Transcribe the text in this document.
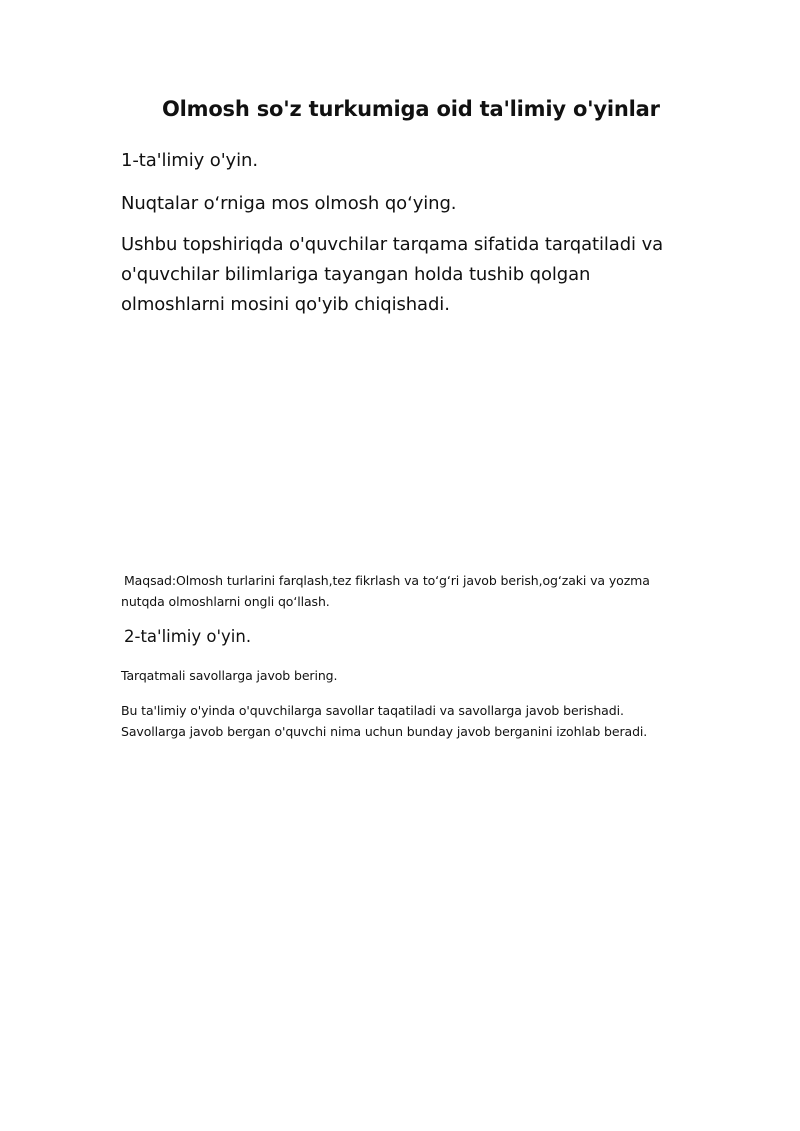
Olmosh so'z turkumiga oid ta'limiy o'yinlar

1-ta'limiy o'yin.

Nuqtalar oʻrniga mos olmosh qoʻying.

Ushbu topshiriqda o'quvchilar tarqama sifatida tarqatiladi va o'quvchilar bilimlariga tayangan holda tushib qolgan olmoshlarni mosini qo'yib chiqishadi.

Maqsad:Olmosh turlarini farqlash,tez fikrlash va toʻgʻri javob berish,ogʻzaki va yozma nutqda olmoshlarni ongli qoʻllash.

2-ta'limiy o'yin.

Tarqatmali savollarga javob bering.

Bu ta'limiy o'yinda o'quvchilarga savollar taqatiladi va savollarga javob berishadi. Savollarga javob bergan o'quvchi nima uchun bunday javob berganini izohlab beradi.
